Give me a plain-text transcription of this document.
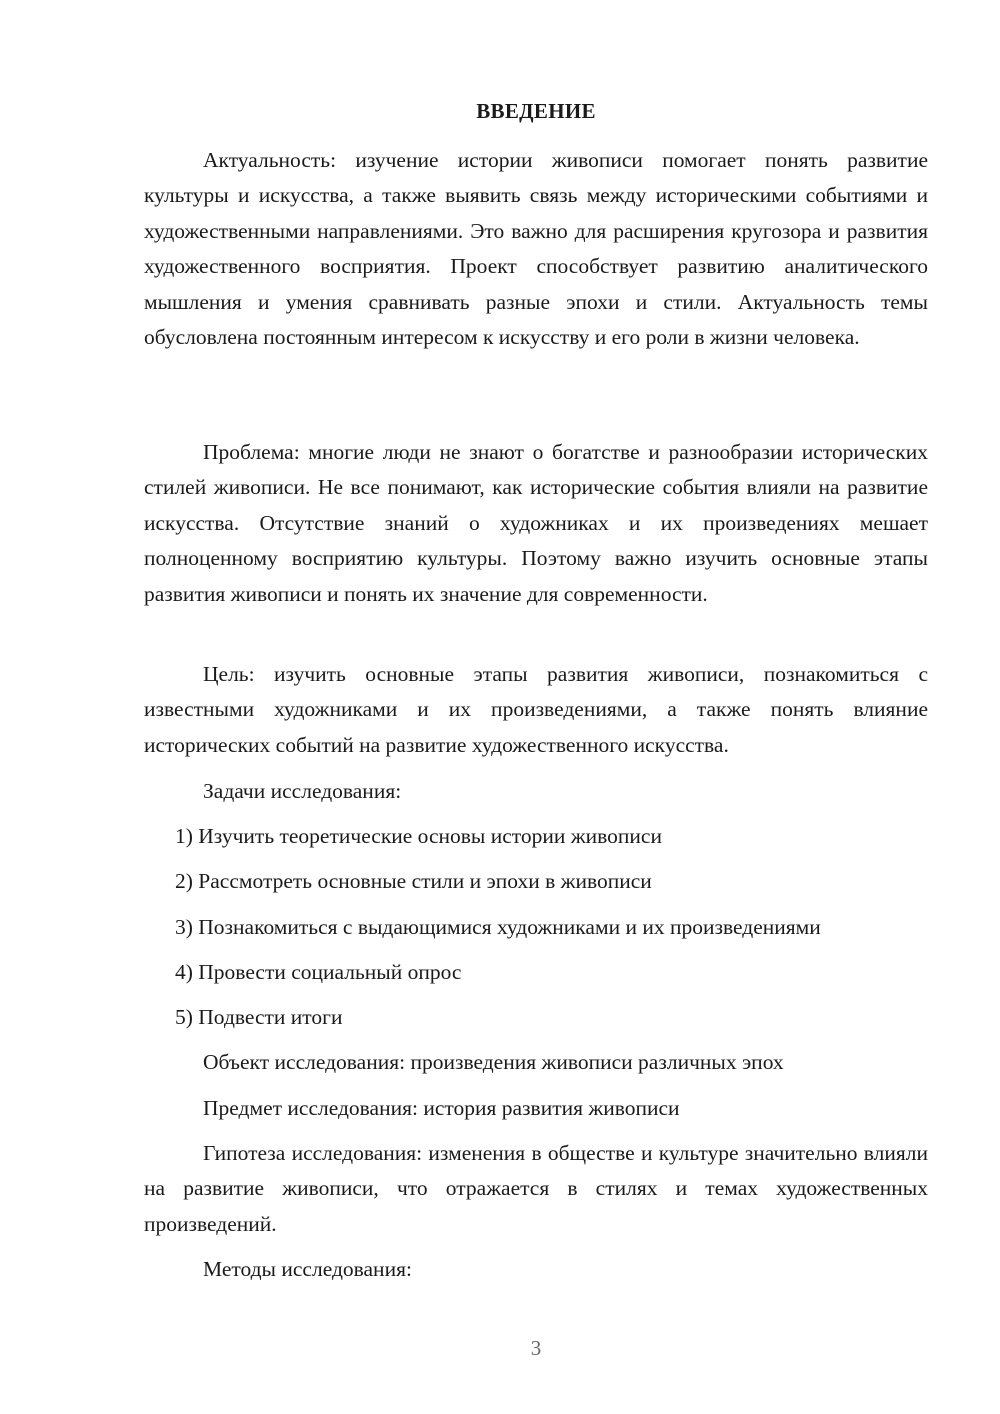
ВВЕДЕНИЕ

Актуальность: изучение истории живописи помогает понять развитие культуры и искусства, а также выявить связь между историческими событиями и художественными направлениями. Это важно для расширения кругозора и развития художественного восприятия. Проект способствует развитию аналитического мышления и умения сравнивать разные эпохи и стили. Актуальность темы обусловлена постоянным интересом к искусству и его роли в жизни человека.

Проблема: многие люди не знают о богатстве и разнообразии исторических стилей живописи. Не все понимают, как исторические события влияли на развитие искусства. Отсутствие знаний о художниках и их произведениях мешает полноценному восприятию культуры. Поэтому важно изучить основные этапы развития живописи и понять их значение для современности.

Цель: изучить основные этапы развития живописи, познакомиться с известными художниками и их произведениями, а также понять влияние исторических событий на развитие художественного искусства.

Задачи исследования:

1) Изучить теоретические основы истории живописи

2) Рассмотреть основные стили и эпохи в живописи

3) Познакомиться с выдающимися художниками и их произведениями

4) Провести социальный опрос

5) Подвести итоги

Объект исследования: произведения живописи различных эпох

Предмет исследования: история развития живописи

Гипотеза исследования: изменения в обществе и культуре значительно влияли на развитие живописи, что отражается в стилях и темах художественных произведений.

Методы исследования:

3
